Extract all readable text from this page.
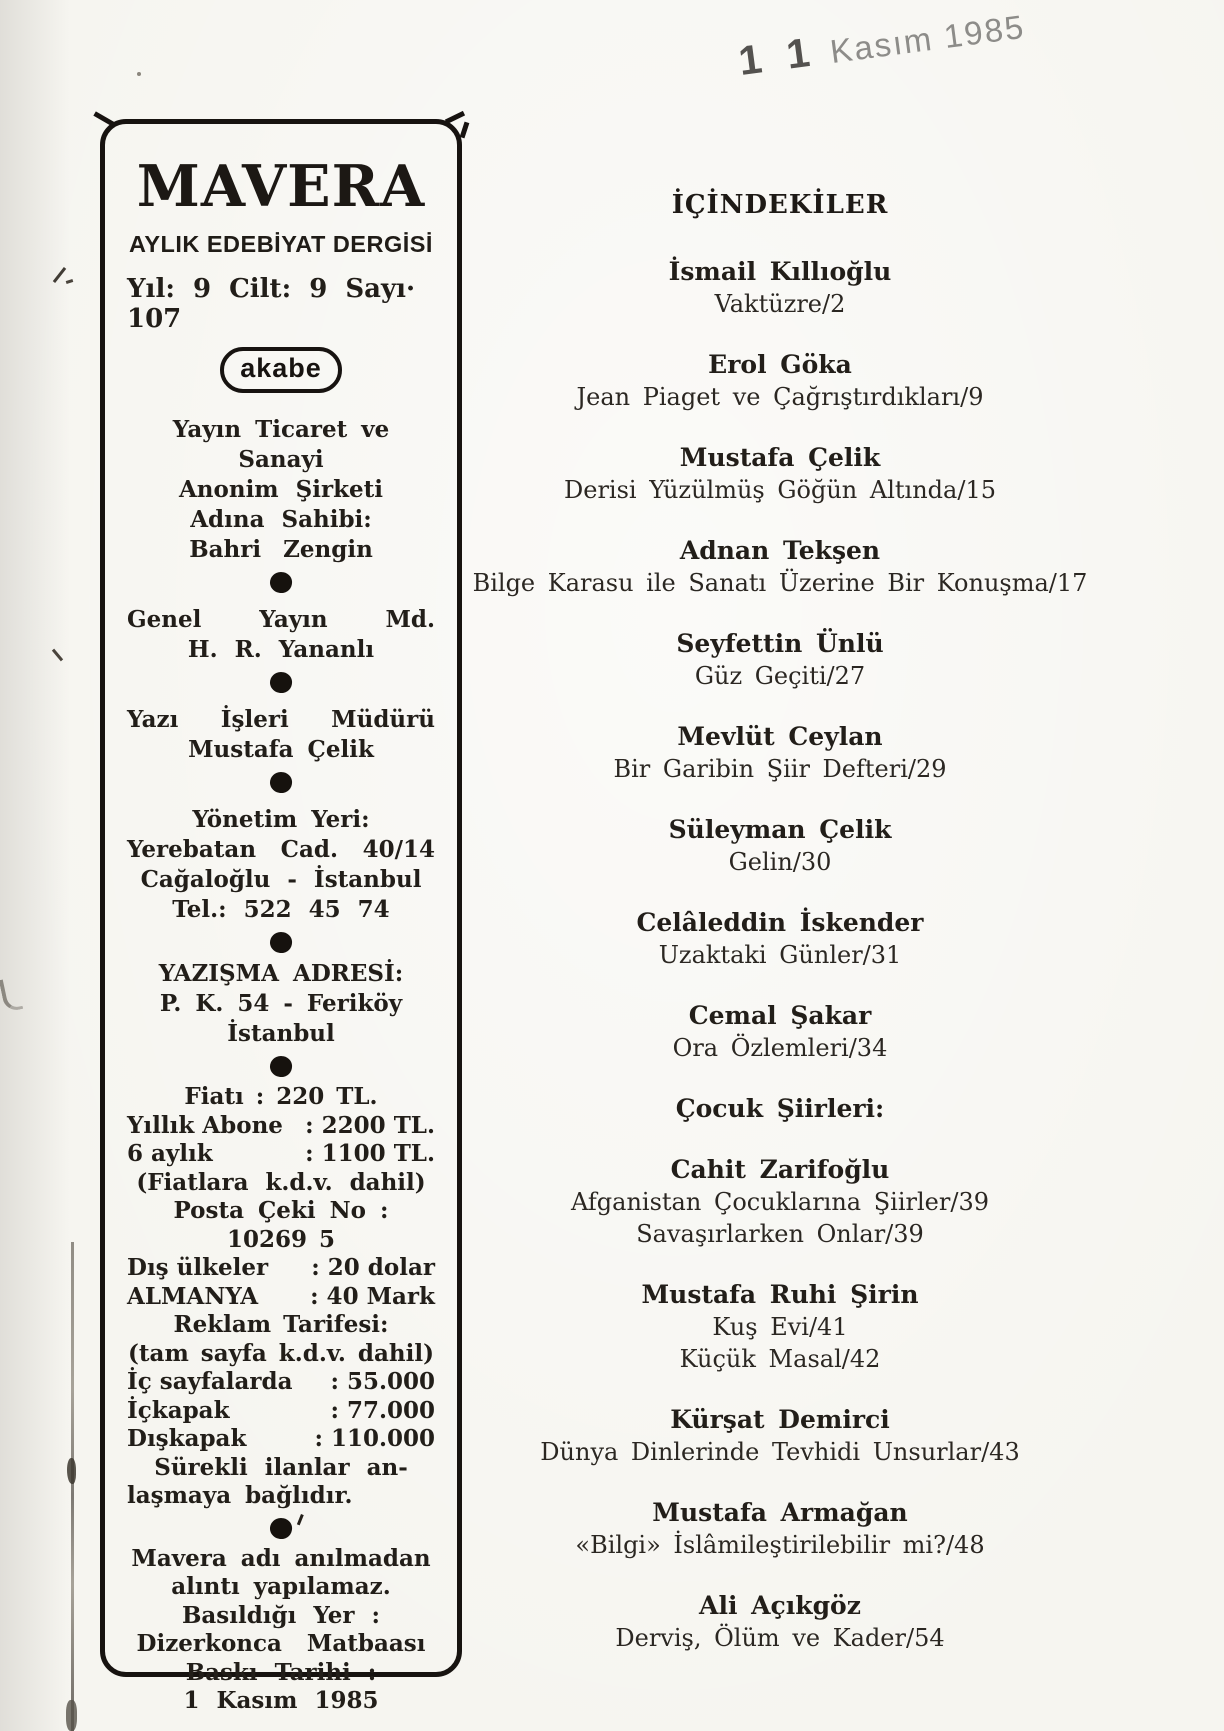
1 1 Kasım 1985
MAVERA
AYLIK EDEBİYAT DERGİSİ
Yıl: 9 Cilt: 9 Sayı· 107
akabe
Yayın Ticaret ve Sanayi
Anonim Şirketi
Adına Sahibi:
Bahri Zengin
Genel	Yayın	Md.
H. R. Yananlı
Yazı İşleri Müdürü
Mustafa Çelik
Yönetim Yeri:
Yerebatan Cad. 40/14
Cağaloğlu - İstanbul
Tel.: 522 45 74
YAZIŞMA ADRESİ:
P. K. 54 - Feriköy
İstanbul
Fiatı : 220 TL.
Yıllık Abone : 2200 TL.
6 aylık	: 1100 TL.
(Fiatlara k.d.v. dahil)
Posta Çeki No :
10269 5
Dış ülkeler : 20 dolar
ALMANYA : 40 Mark
Reklam Tarifesi:
(tam sayfa k.d.v. dahil)
İç sayfalarda : 55.000
İçkapak	: 77.000
Dışkapak	: 110.000
Sürekli ilanlar an-
laşmaya bağlıdır.
Mavera adı anılmadan
alıntı yapılamaz.
Basıldığı Yer :
Dizerkonca Matbaası
Baskı Tarihi :
1 Kasım 1985
İÇİNDEKİLER
İsmail Kıllıoğlu
Vaktüzre/2
Erol Göka
Jean Piaget ve Çağrıştırdıkları/9
Mustafa Çelik
Derisi Yüzülmüş Göğün Altında/15
Adnan Tekşen
Bilge Karasu ile Sanatı Üzerine Bir Konuşma/17
Seyfettin Ünlü
Güz Geçiti/27
Mevlüt Ceylan
Bir Garibin Şiir Defteri/29
Süleyman Çelik
Gelin/30
Celâleddin İskender
Uzaktaki Günler/31
Cemal Şakar
Ora Özlemleri/34
Çocuk Şiirleri:
Cahit Zarifoğlu
Afganistan Çocuklarına Şiirler/39
Savaşırlarken Onlar/39
Mustafa Ruhi Şirin
Kuş Evi/41
Küçük Masal/42
Kürşat Demirci
Dünya Dinlerinde Tevhidi Unsurlar/43
Mustafa Armağan
«Bilgi» İslâmileştirilebilir mi?/48
Ali Açıkgöz
Derviş, Ölüm ve Kader/54
